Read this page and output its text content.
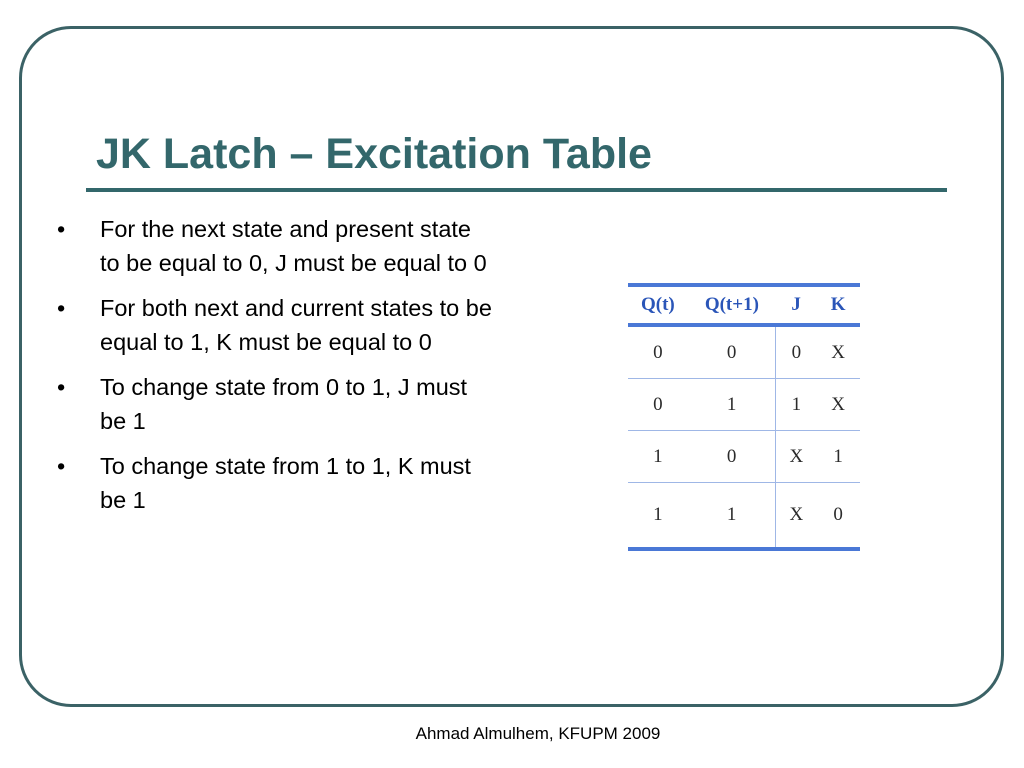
JK Latch – Excitation Table
•	For the next state and present state to be equal to 0, J must be equal to 0
•	For both next and current states to be equal to 1, K must be equal to 0
•	To change state from 0 to 1, J must be 1
•	To change state from 1 to 1, K must be 1
Q(t)	Q(t+1)	J	K
0	0	0	X
0	1	1	X
1	0	X	1
1	1	X	0
Ahmad Almulhem, KFUPM 2009
